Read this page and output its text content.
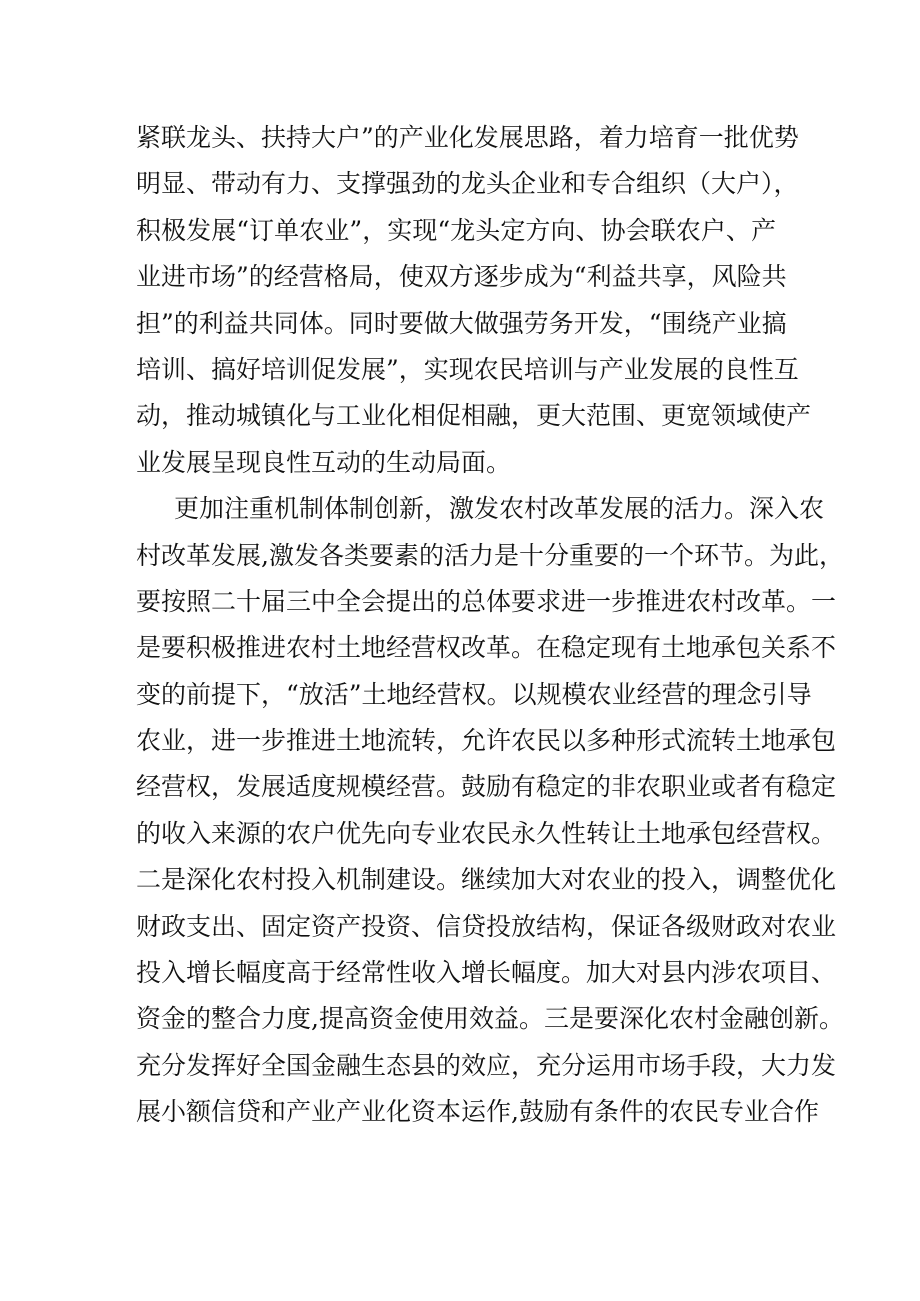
紧联龙头、扶持大户”的产业化发展思路，着力培育一批优势
明显、带动有力、支撑强劲的龙头企业和专合组织（大户），
积极发展“订单农业”，实现“龙头定方向、协会联农户、产
业进市场”的经营格局，使双方逐步成为“利益共享，风险共
担”的利益共同体。同时要做大做强劳务开发，“围绕产业搞
培训、搞好培训促发展”，实现农民培训与产业发展的良性互
动，推动城镇化与工业化相促相融，更大范围、更宽领域使产
业发展呈现良性互动的生动局面。
更加注重机制体制创新，激发农村改革发展的活力。深入农
村改革发展,激发各类要素的活力是十分重要的一个环节。为此，
要按照二十届三中全会提出的总体要求进一步推进农村改革。一
是要积极推进农村土地经营权改革。在稳定现有土地承包关系不
变的前提下，“放活”土地经营权。以规模农业经营的理念引导
农业，进一步推进土地流转，允许农民以多种形式流转土地承包
经营权，发展适度规模经营。鼓励有稳定的非农职业或者有稳定
的收入来源的农户优先向专业农民永久性转让土地承包经营权。
二是深化农村投入机制建设。继续加大对农业的投入，调整优化
财政支出、固定资产投资、信贷投放结构，保证各级财政对农业
投入增长幅度高于经常性收入增长幅度。加大对县内涉农项目、
资金的整合力度,提高资金使用效益。三是要深化农村金融创新。
充分发挥好全国金融生态县的效应，充分运用市场手段，大力发
展小额信贷和产业产业化资本运作,鼓励有条件的农民专业合作
